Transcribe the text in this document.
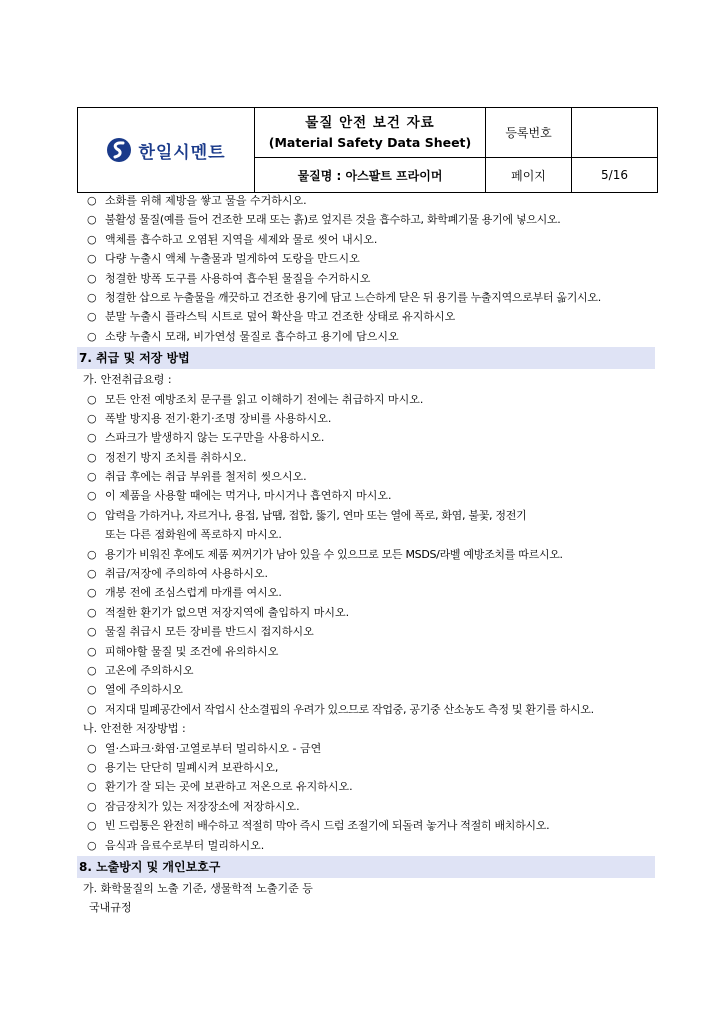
한일시멘트	물질 안전 보건 자료
(Material Safety Data Sheet)	등록번호	
	물질명 : 아스팔트 프라이머	페이지	5/16
○ 소화를 위해 제방을 쌓고 물을 수거하시오.
○ 불활성 물질(예를 들어 건조한 모래 또는 흙)로 엎지른 것을 흡수하고, 화학폐기물 용기에 넣으시오.
○ 액체를 흡수하고 오염된 지역을 세제와 물로 씻어 내시오.
○ 다량 누출시 액체 누출물과 멀게하여 도랑을 만드시오
○ 청결한 방폭 도구를 사용하여 흡수된 물질을 수거하시오
○ 청결한 삽으로 누출물을 깨끗하고 건조한 용기에 담고 느슨하게 닫은 뒤 용기를 누출지역으로부터 옮기시오.
○ 분말 누출시 플라스틱 시트로 덮어 확산을 막고 건조한 상태로 유지하시오
○ 소량 누출시 모래, 비가연성 물질로 흡수하고 용기에 담으시오
7. 취급 및 저장 방법
가. 안전취급요령 :
○ 모든 안전 예방조치 문구를 읽고 이해하기 전에는 취급하지 마시오.
○ 폭발 방지용 전기·환기·조명 장비를 사용하시오.
○ 스파크가 발생하지 않는 도구만을 사용하시오.
○ 정전기 방지 조치를 취하시오.
○ 취급 후에는 취급 부위를 철저히 씻으시오.
○ 이 제품을 사용할 때에는 먹거나, 마시거나 흡연하지 마시오.
○ 압력을 가하거나, 자르거나, 용접, 납땜, 접합, 뚫기, 연마 또는 열에 폭로, 화염, 불꽃, 정전기
또는 다른 점화원에 폭로하지 마시오.
○ 용기가 비워진 후에도 제품 찌꺼기가 남아 있을 수 있으므로 모든 MSDS/라벨 예방조치를 따르시오.
○ 취급/저장에 주의하여 사용하시오.
○ 개봉 전에 조심스럽게 마개를 여시오.
○ 적절한 환기가 없으면 저장지역에 출입하지 마시오.
○ 물질 취급시 모든 장비를 반드시 접지하시오
○ 피해야할 물질 및 조건에 유의하시오
○ 고온에 주의하시오
○ 열에 주의하시오
○ 저지대 밀폐공간에서 작업시 산소결핍의 우려가 있으므로 작업중, 공기중 산소농도 측정 및 환기를 하시오.
나. 안전한 저장방법 :
○ 열·스파크·화염·고열로부터 멀리하시오 - 금연
○ 용기는 단단히 밀폐시켜 보관하시오,
○ 환기가 잘 되는 곳에 보관하고 저온으로 유지하시오.
○ 잠금장치가 있는 저장장소에 저장하시오.
○ 빈 드럼통은 완전히 배수하고 적절히 막아 즉시 드럼 조절기에 되돌려 놓거나 적절히 배치하시오.
○ 음식과 음료수로부터 멀리하시오.
8. 노출방지 및 개인보호구
가. 화학물질의 노출 기준, 생물학적 노출기준 등
국내규정
